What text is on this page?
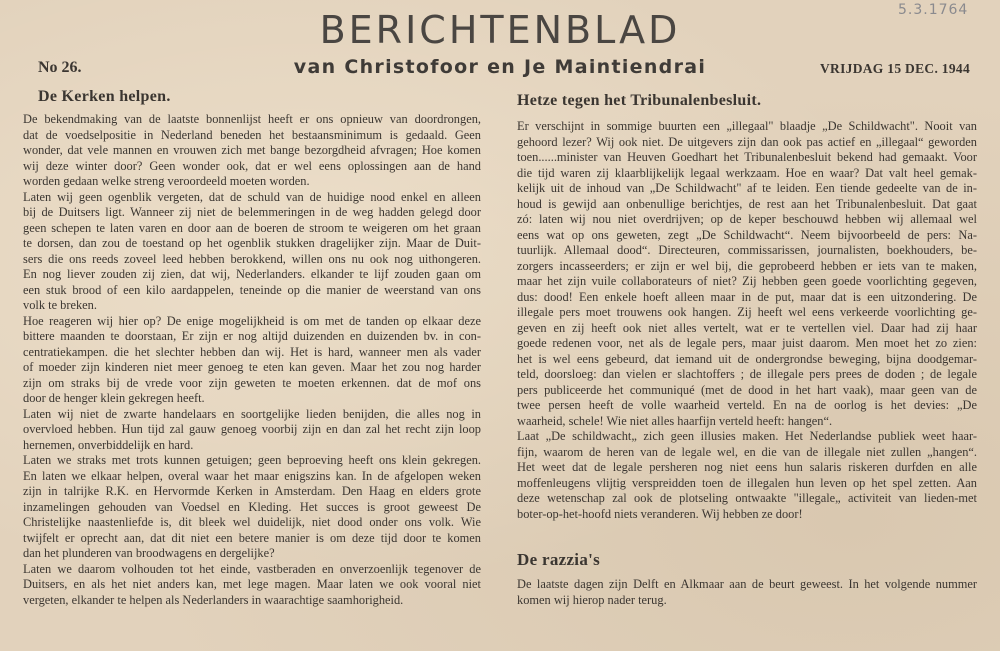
5.3.1764
BERICHTENBLAD
van Christofoor en Je Maintiendrai
No 26.	VRIJDAG 15 DEC. 1944
De Kerken helpen.
De bekendmaking van de laatste bonnenlijst heeft er ons opnieuw van doordrongen,
dat de voedselpositie in Nederland beneden het bestaansminimum is gedaald. Geen
wonder, dat vele mannen en vrouwen zich met bange bezorgdheid afvragen; Hoe komen
wij deze winter door? Geen wonder ook, dat er wel eens oplossingen aan de hand
worden gedaan welke streng veroordeeld moeten worden.
Laten wij geen ogenblik vergeten, dat de schuld van de huidige nood enkel en alleen
bij de Duitsers ligt. Wanneer zij niet de belemmeringen in de weg hadden gelegd door
geen schepen te laten varen en door aan de boeren de stroom te weigeren om het graan
te dorsen, dan zou de toestand op het ogenblik stukken dragelijker zijn. Maar de Duit-
sers die ons reeds zoveel leed hebben berokkend, willen ons nu ook nog uithongeren.
En nog liever zouden zij zien, dat wij, Nederlanders. elkander te lijf zouden gaan om
een stuk brood of een kilo aardappelen, teneinde op die manier de weerstand van ons
volk te breken.
Hoe reageren wij hier op? De enige mogelijkheid is om met de tanden op elkaar deze
bittere maanden te doorstaan, Er zijn er nog altijd duizenden en duizenden bv. in con-
centratiekampen. die het slechter hebben dan wij. Het is hard, wanneer men als vader
of moeder zijn kinderen niet meer genoeg te eten kan geven. Maar het zou nog harder
zijn om straks bij de vrede voor zijn geweten te moeten erkennen. dat de mof ons
door de henger klein gekregen heeft.
Laten wij niet de zwarte handelaars en soortgelijke lieden benijden, die alles nog in
overvloed hebben. Hun tijd zal gauw genoeg voorbij zijn en dan zal het recht zijn loop
hernemen, onverbiddelijk en hard.
Laten we straks met trots kunnen getuigen; geen beproeving heeft ons klein gekregen.
En laten we elkaar helpen, overal waar het maar enigszins kan. In de afgelopen weken
zijn in talrijke R.K. en Hervormde Kerken in Amsterdam. Den Haag en elders grote
inzamelingen gehouden van Voedsel en Kleding. Het succes is groot geweest De
Christelijke naastenliefde is, dit bleek wel duidelijk, niet dood onder ons volk. Wie
twijfelt er oprecht aan, dat dit niet een betere manier is om deze tijd door te komen
dan het plunderen van broodwagens en dergelijke?
Laten we daarom volhouden tot het einde, vastberaden en onverzoenlijk tegenover de
Duitsers, en als het niet anders kan, met lege magen. Maar laten we ook vooral niet
vergeten, elkander te helpen als Nederlanders in waarachtige saamhorigheid.
Hetze tegen het Tribunalenbesluit.
Er verschijnt in sommige buurten een „illegaal" blaadje „De Schildwacht". Nooit van
gehoord lezer? Wij ook niet. De uitgevers zijn dan ook pas actief en „illegaal“ geworden
toen......minister van Heuven Goedhart het Tribunalenbesluit bekend had gemaakt. Voor
die tijd waren zij klaarblijkelijk legaal werkzaam. Hoe en waar? Dat valt heel gemak-
kelijk uit de inhoud van „De Schildwacht" af te leiden. Een tiende gedeelte van de in-
houd is gewijd aan onbenullige berichtjes, de rest aan het Tribunalenbesluit. Dat gaat
zó: laten wij nou niet overdrijven; op de keper beschouwd hebben wij allemaal wel
eens wat op ons geweten, zegt „De Schildwacht“. Neem bijvoorbeeld de pers: Na-
tuurlijk. Allemaal dood“. Directeuren, commissarissen, journalisten, boekhouders, be-
zorgers incasseerders; er zijn er wel bij, die geprobeerd hebben er iets van te maken,
maar het zijn vuile collaborateurs of niet? Zij hebben geen goede voorlichting gegeven,
dus: dood! Een enkele hoeft alleen maar in de put, maar dat is een uitzondering. De
illegale pers moet trouwens ook hangen. Zij heeft wel eens verkeerde voorlichting ge-
geven en zij heeft ook niet alles vertelt, wat er te vertellen viel. Daar had zij haar
goede redenen voor, net als de legale pers, maar juist daarom. Men moet het zo zien:
het is wel eens gebeurd, dat iemand uit de ondergrondse beweging, bijna doodgemar-
teld, doorsloeg: dan vielen er slachtoffers ; de illegale pers prees de doden ; de legale
pers publiceerde het communiqué (met de dood in het hart vaak), maar geen van de
twee persen heeft de volle waarheid verteld. En na de oorlog is het devies: „De
waarheid, schele! Wie niet alles haarfijn verteld heeft: hangen“.
Laat „De schildwacht„ zich geen illusies maken. Het Nederlandse publiek weet haar-
fijn, waarom de heren van de legale wel, en die van de illegale niet zullen „hangen“.
Het weet dat de legale persheren nog niet eens hun salaris riskeren durfden en alle
moffenleugens vlijtig verspreidden toen de illegalen hun leven op het spel zetten. Aan
deze wetenschap zal ook de plotseling ontwaakte "illegale„ activiteit van lieden-met
boter-op-het-hoofd niets veranderen. Wij hebben ze door!
De razzia's
De laatste dagen zijn Delft en Alkmaar aan de beurt geweest. In het volgende nummer
komen wij hierop nader terug.
